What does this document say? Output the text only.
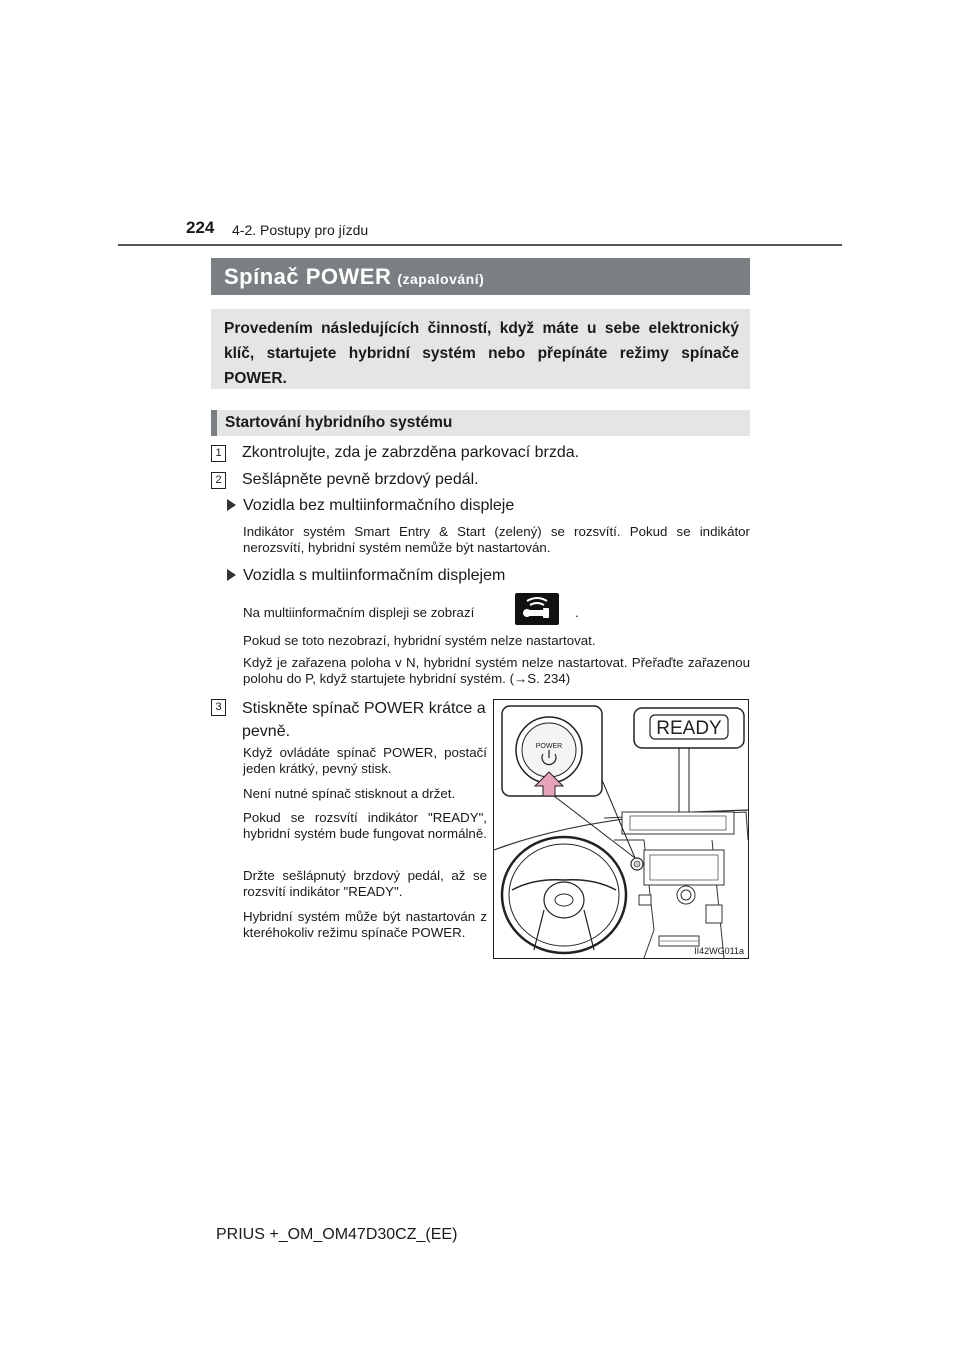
224 4-2. Postupy pro jízdu
Spínač POWER (zapalování)

Provedením následujících činností, když máte u sebe elektronický klíč, startujete hybridní systém nebo přepínáte režimy spínače POWER.

Startování hybridního systému
1 Zkontrolujte, zda je zabrzděna parkovací brzda.
2 Sešlápněte pevně brzdový pedál.
Vozidla bez multiinformačního displeje
Indikátor systém Smart Entry & Start (zelený) se rozsvítí. Pokud se indikátor nerozsvítí, hybridní systém nemůže být nastartován.
Vozidla s multiinformačním displejem
Na multiinformačním displeji se zobrazí	.
Pokud se toto nezobrazí, hybridní systém nelze nastartovat.
Když je zařazena poloha v N, hybridní systém nelze nastartovat. Přeřaďte zařazenou polohu do P, když startujete hybridní systém. (→S. 234)
3 Stiskněte spínač POWER krátce a pevně.
Když ovládáte spínač POWER, postačí jeden krátký, pevný stisk.
Není nutné spínač stisknout a držet.
Pokud se rozsvítí indikátor "READY", hybridní systém bude fungovat normálně.
Držte sešlápnutý brzdový pedál, až se rozsvítí indikátor "READY".
Hybridní systém může být nastartován z kteréhokoliv režimu spínače POWER.
POWER
READY
II42WG011a
PRIUS +_OM_OM47D30CZ_(EE)
